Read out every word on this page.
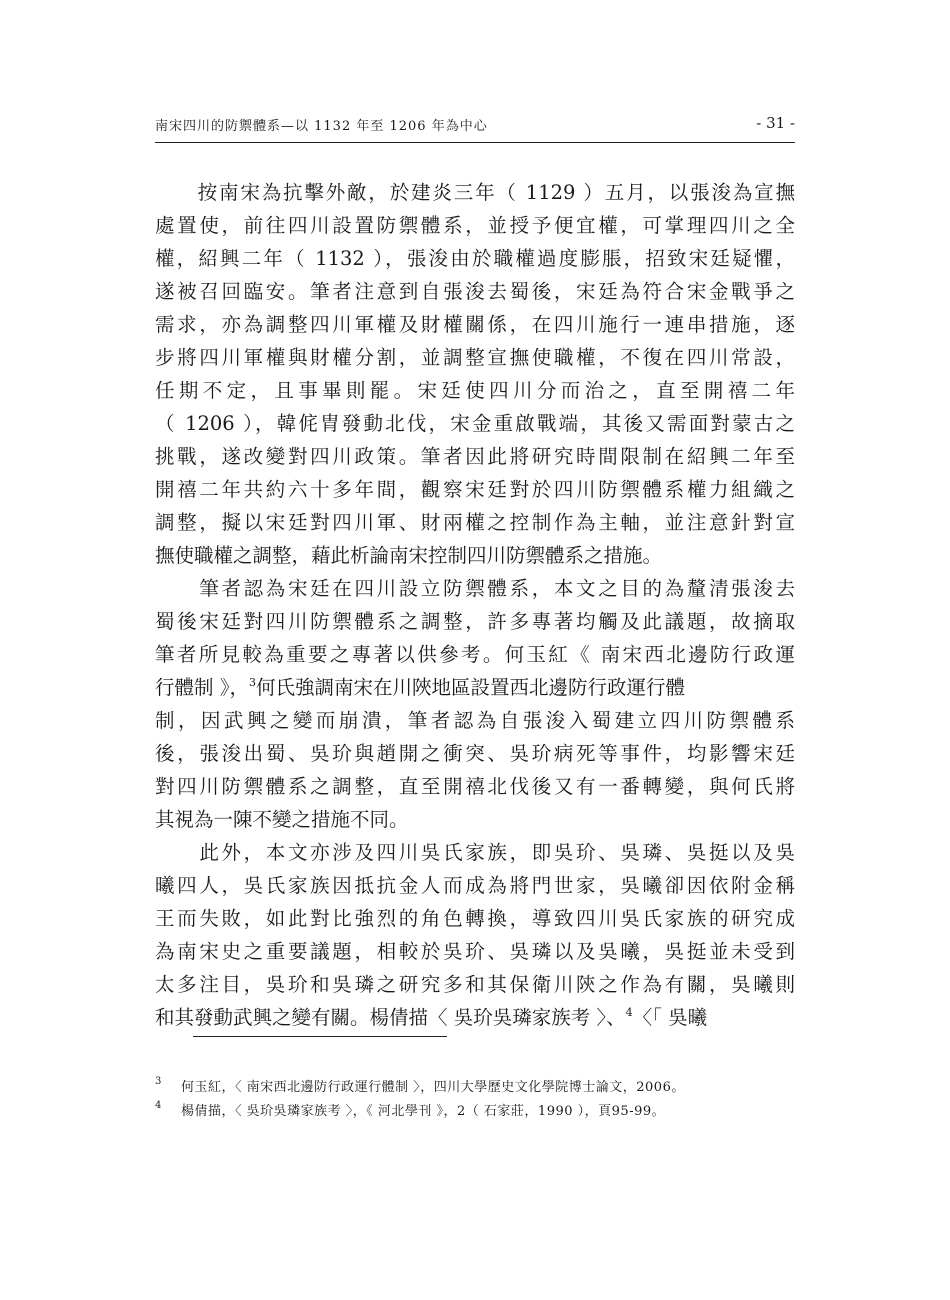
南宋四川的防禦體系—以 1132 年至 1206 年為中心	- 31 -
　　按南宋為抗擊外敵，於建炎三年（ 1129 ）五月，以張浚為宣撫
處置使，前往四川設置防禦體系，並授予便宜權，可掌理四川之全
權，紹興二年（ 1132 ），張浚由於職權過度膨脹，招致宋廷疑懼，
遂被召回臨安。筆者注意到自張浚去蜀後，宋廷為符合宋金戰爭之
需求，亦為調整四川軍權及財權關係，在四川施行一連串措施，逐
步將四川軍權與財權分割，並調整宣撫使職權，不復在四川常設，
任期不定，且事畢則罷。宋廷使四川分而治之，直至開禧二年
（ 1206 ），韓侂胄發動北伐，宋金重啟戰端，其後又需面對蒙古之
挑戰，遂改變對四川政策。筆者因此將研究時間限制在紹興二年至
開禧二年共約六十多年間，觀察宋廷對於四川防禦體系權力組織之
調整，擬以宋廷對四川軍、財兩權之控制作為主軸，並注意針對宣
撫使職權之調整，藉此析論南宋控制四川防禦體系之措施。
　　筆者認為宋廷在四川設立防禦體系，本文之目的為釐清張浚去
蜀後宋廷對四川防禦體系之調整，許多專著均觸及此議題，故摘取
筆者所見較為重要之專著以供參考。何玉紅《 南宋西北邊防行政運
行體制 》，$^3$何氏強調南宋在川陜地區設置西北邊防行政運行體
制，因武興之變而崩潰，筆者認為自張浚入蜀建立四川防禦體系
後，張浚出蜀、吳玠與趙開之衝突、吳玠病死等事件，均影響宋廷
對四川防禦體系之調整，直至開禧北伐後又有一番轉變，與何氏將
其視為一陳不變之措施不同。
　　此外，本文亦涉及四川吳氏家族，即吳玠、吳璘、吳挺以及吳
曦四人，吳氏家族因抵抗金人而成為將門世家，吳曦卻因依附金稱
王而失敗，如此對比強烈的角色轉換，導致四川吳氏家族的研究成
為南宋史之重要議題，相較於吳玠、吳璘以及吳曦，吳挺並未受到
太多注目，吳玠和吳璘之研究多和其保衛川陝之作為有關，吳曦則
和其發動武興之變有關。楊倩描〈 吳玠吳璘家族考 〉、$^4$〈「 吳曦
3 何玉紅，〈 南宋西北邊防行政運行體制 〉，四川大學歷史文化學院博士論文，2006。
4 楊倩描，〈 吳玠吳璘家族考 〉，《 河北學刊 》，2（ 石家莊，1990 ），頁95-99。
